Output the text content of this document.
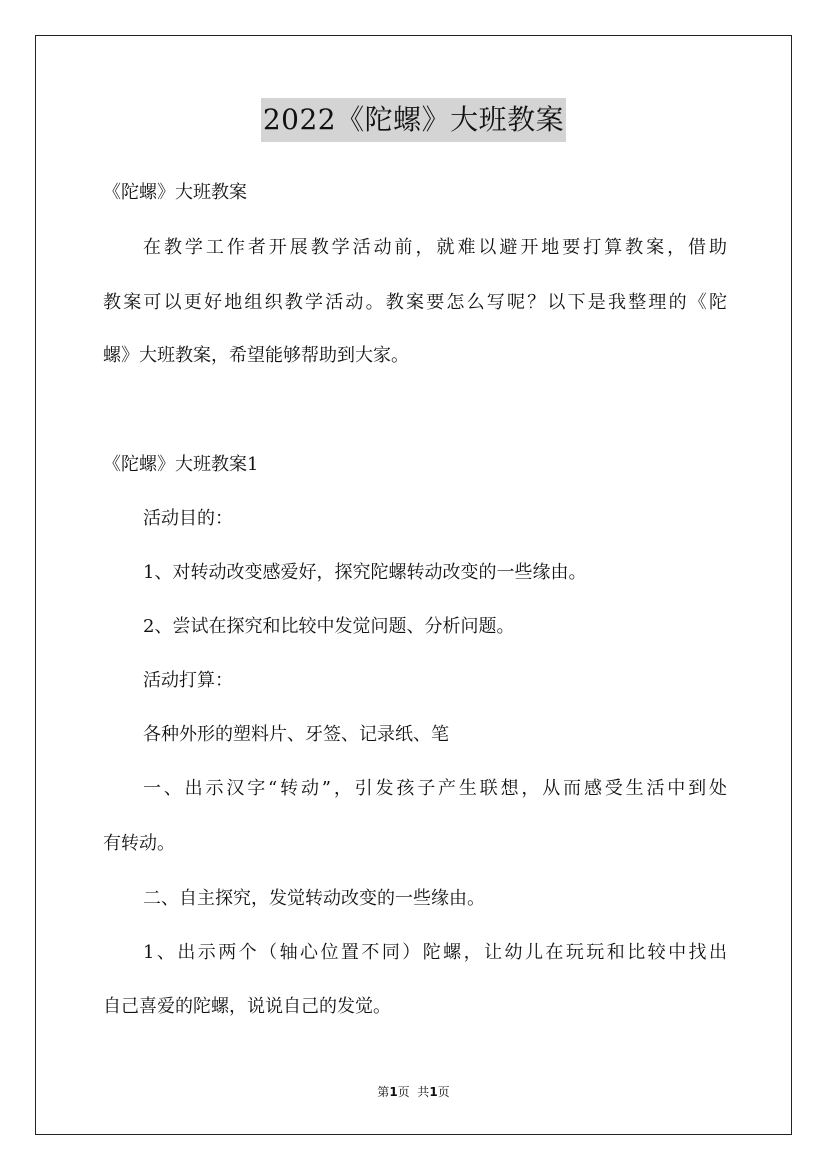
2022《陀螺》大班教案
《陀螺》大班教案
在教学工作者开展教学活动前，就难以避开地要打算教案，借助
教案可以更好地组织教学活动。教案要怎么写呢？以下是我整理的《陀
螺》大班教案，希望能够帮助到大家。
《陀螺》大班教案1
活动目的：
1、对转动改变感爱好，探究陀螺转动改变的一些缘由。
2、尝试在探究和比较中发觉问题、分析问题。
活动打算：
各种外形的塑料片、牙签、记录纸、笔
一、出示汉字“转动”，引发孩子产生联想，从而感受生活中到处
有转动。
二、自主探究，发觉转动改变的一些缘由。
1、出示两个（轴心位置不同）陀螺，让幼儿在玩玩和比较中找出
自己喜爱的陀螺，说说自己的发觉。
第1页  共1页
